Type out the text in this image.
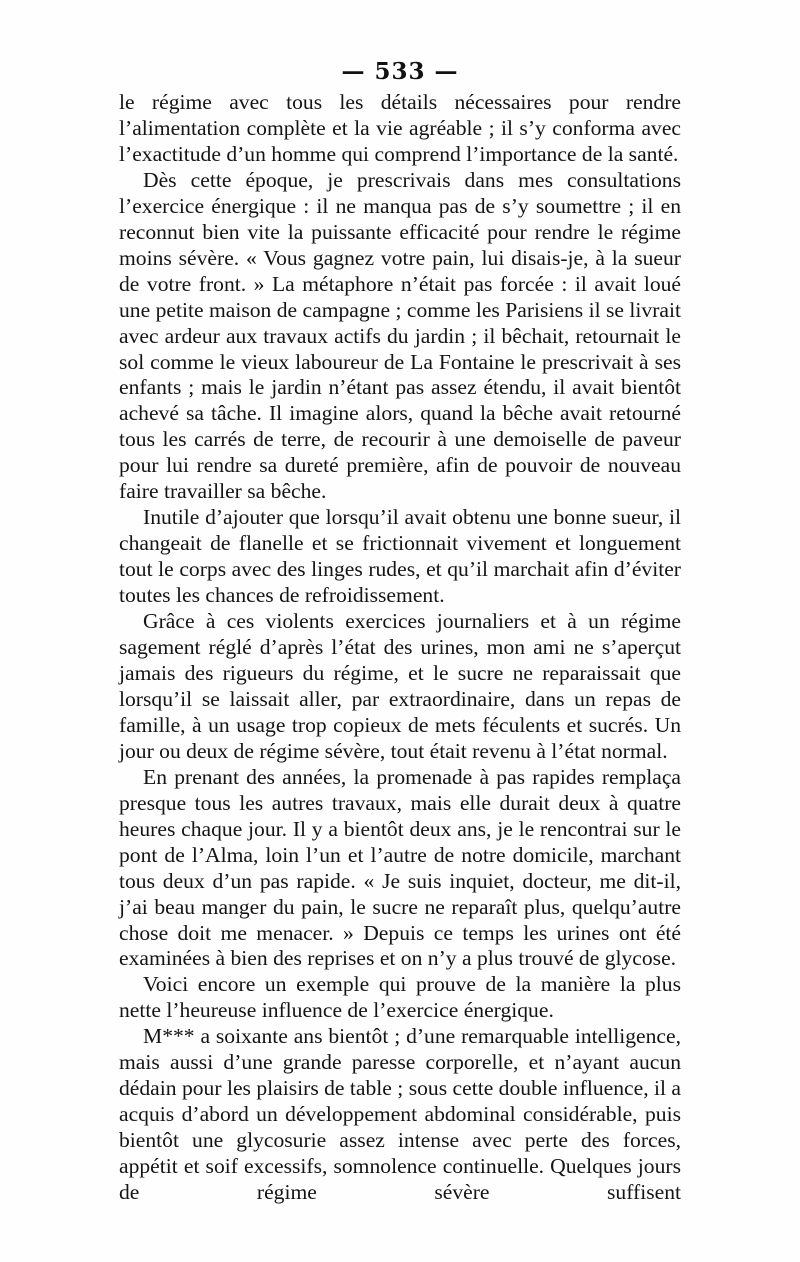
— 533 —

le régime avec tous les détails nécessaires pour rendre l’alimentation complète et la vie agréable ; il s’y conforma avec l’exactitude d’un homme qui comprend l’importance de la santé.

Dès cette époque, je prescrivais dans mes consultations l’exercice énergique : il ne manqua pas de s’y soumettre ; il en reconnut bien vite la puissante efficacité pour rendre le régime moins sévère. « Vous gagnez votre pain, lui disais-je, à la sueur de votre front. » La métaphore n’était pas forcée : il avait loué une petite maison de campagne ; comme les Parisiens il se livrait avec ardeur aux travaux actifs du jardin ; il bêchait, retournait le sol comme le vieux laboureur de La Fontaine le prescrivait à ses enfants ; mais le jardin n’étant pas assez étendu, il avait bientôt achevé sa tâche. Il imagine alors, quand la bêche avait retourné tous les carrés de terre, de recourir à une demoiselle de paveur pour lui rendre sa dureté première, afin de pouvoir de nouveau faire travailler sa bêche.

Inutile d’ajouter que lorsqu’il avait obtenu une bonne sueur, il changeait de flanelle et se frictionnait vivement et longuement tout le corps avec des linges rudes, et qu’il marchait afin d’éviter toutes les chances de refroidissement.

Grâce à ces violents exercices journaliers et à un régime sagement réglé d’après l’état des urines, mon ami ne s’aperçut jamais des rigueurs du régime, et le sucre ne reparaissait que lorsqu’il se laissait aller, par extraordinaire, dans un repas de famille, à un usage trop copieux de mets féculents et sucrés. Un jour ou deux de régime sévère, tout était revenu à l’état normal.

En prenant des années, la promenade à pas rapides remplaça presque tous les autres travaux, mais elle durait deux à quatre heures chaque jour. Il y a bientôt deux ans, je le rencontrai sur le pont de l’Alma, loin l’un et l’autre de notre domicile, marchant tous deux d’un pas rapide. « Je suis inquiet, docteur, me dit-il, j’ai beau manger du pain, le sucre ne reparaît plus, quelqu’autre chose doit me menacer. » Depuis ce temps les urines ont été examinées à bien des reprises et on n’y a plus trouvé de glycose.

Voici encore un exemple qui prouve de la manière la plus nette l’heureuse influence de l’exercice énergique.

M*** a soixante ans bientôt ; d’une remarquable intelligence, mais aussi d’une grande paresse corporelle, et n’ayant aucun dédain pour les plaisirs de table ; sous cette double influence, il a acquis d’abord un développement abdominal considérable, puis bientôt une glycosurie assez intense avec perte des forces, appétit et soif excessifs, somnolence continuelle. Quelques jours de régime sévère suffisent
